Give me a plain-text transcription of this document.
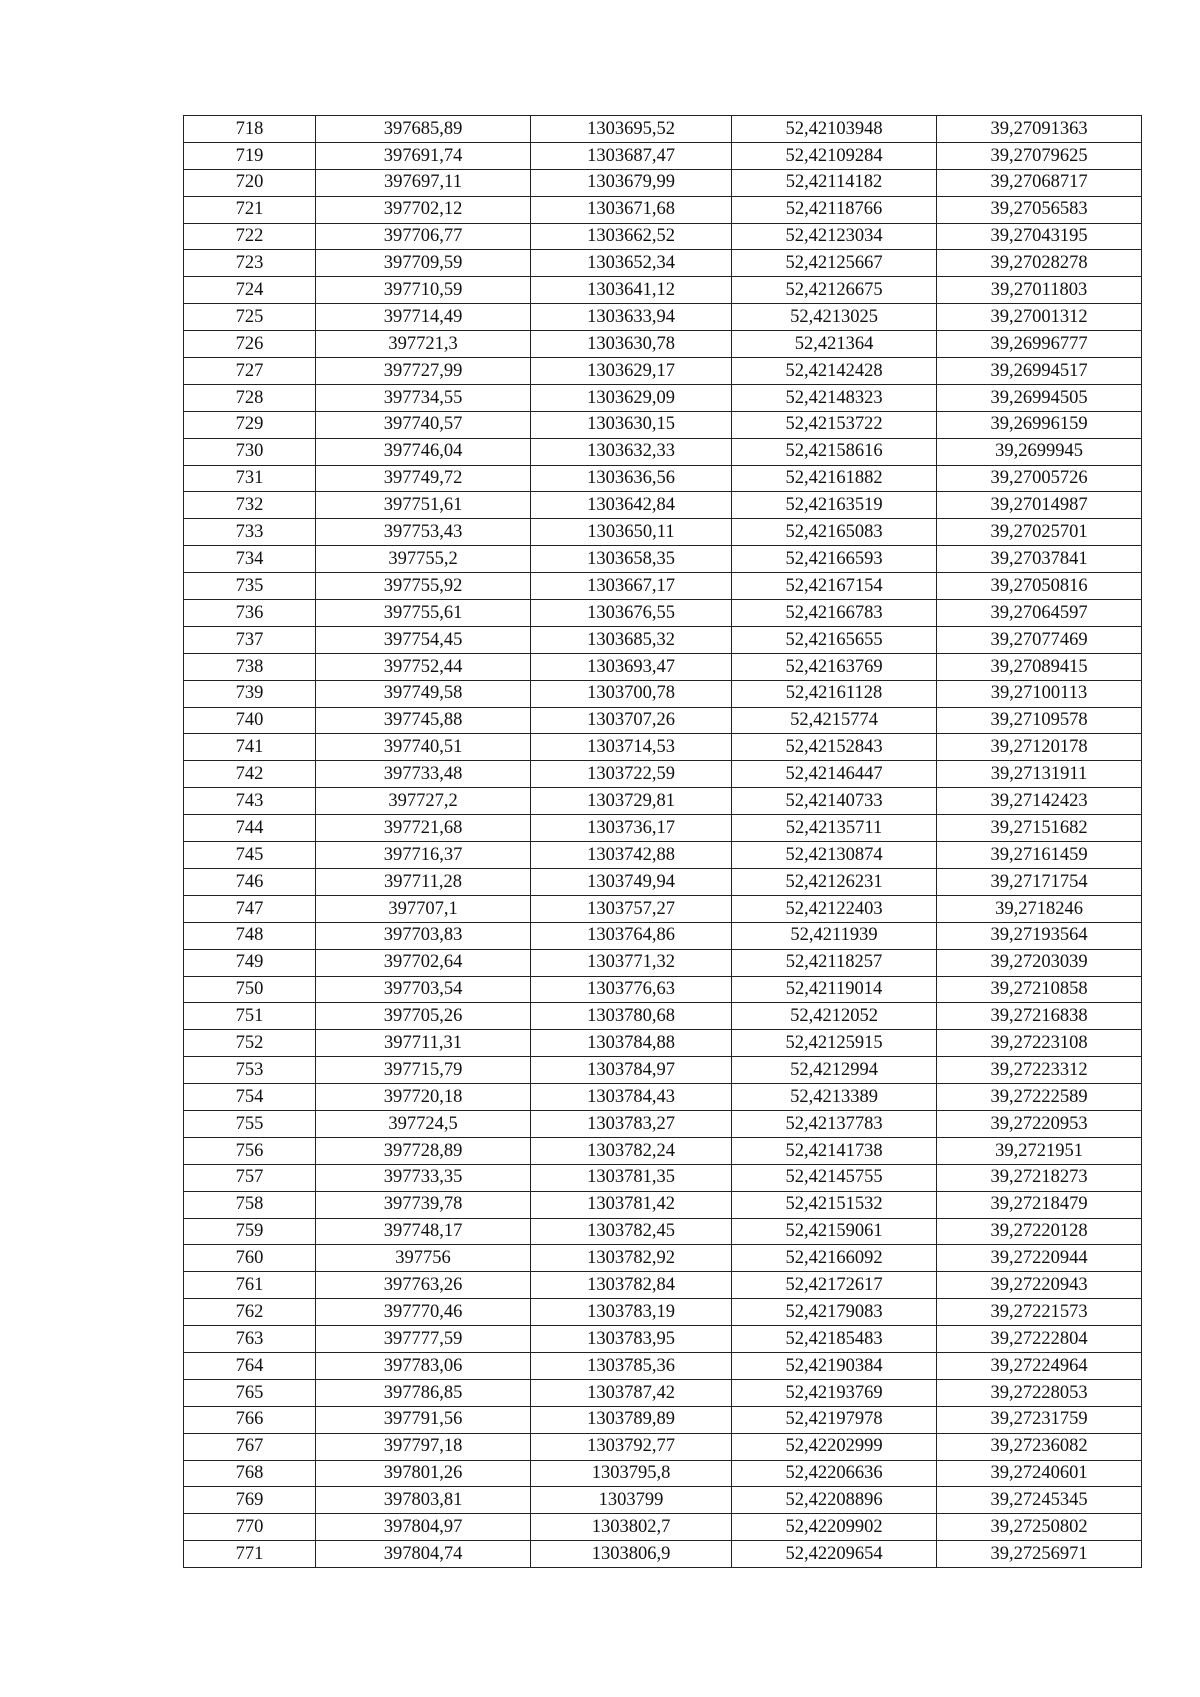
718	397685,89	1303695,52	52,42103948	39,27091363
719	397691,74	1303687,47	52,42109284	39,27079625
720	397697,11	1303679,99	52,42114182	39,27068717
721	397702,12	1303671,68	52,42118766	39,27056583
722	397706,77	1303662,52	52,42123034	39,27043195
723	397709,59	1303652,34	52,42125667	39,27028278
724	397710,59	1303641,12	52,42126675	39,27011803
725	397714,49	1303633,94	52,4213025	39,27001312
726	397721,3	1303630,78	52,421364	39,26996777
727	397727,99	1303629,17	52,42142428	39,26994517
728	397734,55	1303629,09	52,42148323	39,26994505
729	397740,57	1303630,15	52,42153722	39,26996159
730	397746,04	1303632,33	52,42158616	39,2699945
731	397749,72	1303636,56	52,42161882	39,27005726
732	397751,61	1303642,84	52,42163519	39,27014987
733	397753,43	1303650,11	52,42165083	39,27025701
734	397755,2	1303658,35	52,42166593	39,27037841
735	397755,92	1303667,17	52,42167154	39,27050816
736	397755,61	1303676,55	52,42166783	39,27064597
737	397754,45	1303685,32	52,42165655	39,27077469
738	397752,44	1303693,47	52,42163769	39,27089415
739	397749,58	1303700,78	52,42161128	39,27100113
740	397745,88	1303707,26	52,4215774	39,27109578
741	397740,51	1303714,53	52,42152843	39,27120178
742	397733,48	1303722,59	52,42146447	39,27131911
743	397727,2	1303729,81	52,42140733	39,27142423
744	397721,68	1303736,17	52,42135711	39,27151682
745	397716,37	1303742,88	52,42130874	39,27161459
746	397711,28	1303749,94	52,42126231	39,27171754
747	397707,1	1303757,27	52,42122403	39,2718246
748	397703,83	1303764,86	52,4211939	39,27193564
749	397702,64	1303771,32	52,42118257	39,27203039
750	397703,54	1303776,63	52,42119014	39,27210858
751	397705,26	1303780,68	52,4212052	39,27216838
752	397711,31	1303784,88	52,42125915	39,27223108
753	397715,79	1303784,97	52,4212994	39,27223312
754	397720,18	1303784,43	52,4213389	39,27222589
755	397724,5	1303783,27	52,42137783	39,27220953
756	397728,89	1303782,24	52,42141738	39,2721951
757	397733,35	1303781,35	52,42145755	39,27218273
758	397739,78	1303781,42	52,42151532	39,27218479
759	397748,17	1303782,45	52,42159061	39,27220128
760	397756	1303782,92	52,42166092	39,27220944
761	397763,26	1303782,84	52,42172617	39,27220943
762	397770,46	1303783,19	52,42179083	39,27221573
763	397777,59	1303783,95	52,42185483	39,27222804
764	397783,06	1303785,36	52,42190384	39,27224964
765	397786,85	1303787,42	52,42193769	39,27228053
766	397791,56	1303789,89	52,42197978	39,27231759
767	397797,18	1303792,77	52,42202999	39,27236082
768	397801,26	1303795,8	52,42206636	39,27240601
769	397803,81	1303799	52,42208896	39,27245345
770	397804,97	1303802,7	52,42209902	39,27250802
771	397804,74	1303806,9	52,42209654	39,27256971
